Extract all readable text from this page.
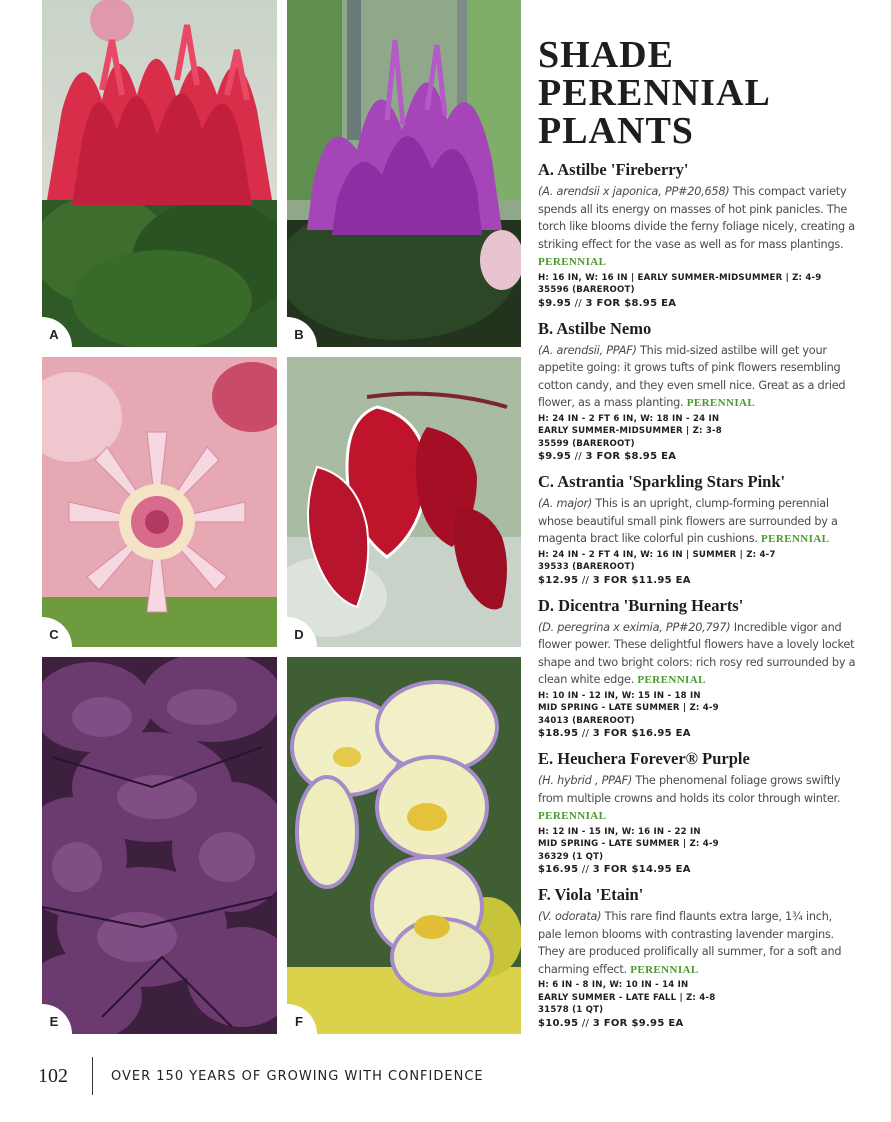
A	B
C	D
E	F
SHADE
PERENNIAL
PLANTS
A. Astilbe 'Fireberry'

(A. arendsii x japonica, PP#20,658) This compact variety spends all its energy on masses of hot pink panicles. The torch like blooms divide the ferny foliage nicely, creating a striking effect for the vase as well as for mass plantings. PERENNIAL

H: 16 IN, W: 16 IN | EARLY SUMMER-MIDSUMMER | Z: 4-9
35596 (BAREROOT)
$9.95 // 3 FOR $8.95 EA
B. Astilbe Nemo

(A. arendsii, PPAF) This mid-sized astilbe will get your appetite going: it grows tufts of pink flowers resembling cotton candy, and they even smell nice. Great as a dried flower, as a mass planting. PERENNIAL

H: 24 IN - 2 FT 6 IN, W: 18 IN - 24 IN
EARLY SUMMER-MIDSUMMER | Z: 3-8
35599 (BAREROOT)
$9.95 // 3 FOR $8.95 EA
C. Astrantia 'Sparkling Stars Pink'

(A. major) This is an upright, clump-forming perennial whose beautiful small pink flowers are surrounded by a magenta bract like colorful pin cushions. PERENNIAL

H: 24 IN - 2 FT 4 IN, W: 16 IN | SUMMER | Z: 4-7
39533 (BAREROOT)
$12.95 // 3 FOR $11.95 EA
D. Dicentra 'Burning Hearts'

(D. peregrina x eximia, PP#20,797) Incredible vigor and flower power. These delightful flowers have a lovely locket shape and two bright colors: rich rosy red surrounded by a clean white edge. PERENNIAL

H: 10 IN - 12 IN, W: 15 IN - 18 IN
MID SPRING - LATE SUMMER | Z: 4-9
34013 (BAREROOT)
$18.95 // 3 FOR $16.95 EA
E. Heuchera Forever® Purple

(H. hybrid , PPAF) The phenomenal foliage grows swiftly from multiple crowns and holds its color through winter. PERENNIAL

H: 12 IN - 15 IN, W: 16 IN - 22 IN
MID SPRING - LATE SUMMER | Z: 4-9
36329 (1 QT)
$16.95 // 3 FOR $14.95 EA
F. Viola 'Etain'

(V. odorata) This rare find flaunts extra large, 1¾ inch, pale lemon blooms with contrasting lavender margins. They are produced prolifically all summer, for a soft and charming effect. PERENNIAL

H: 6 IN - 8 IN, W: 10 IN - 14 IN
EARLY SUMMER - LATE FALL | Z: 4-8
31578 (1 QT)
$10.95 // 3 FOR $9.95 EA
102	OVER 150 YEARS OF GROWING WITH CONFIDENCE
